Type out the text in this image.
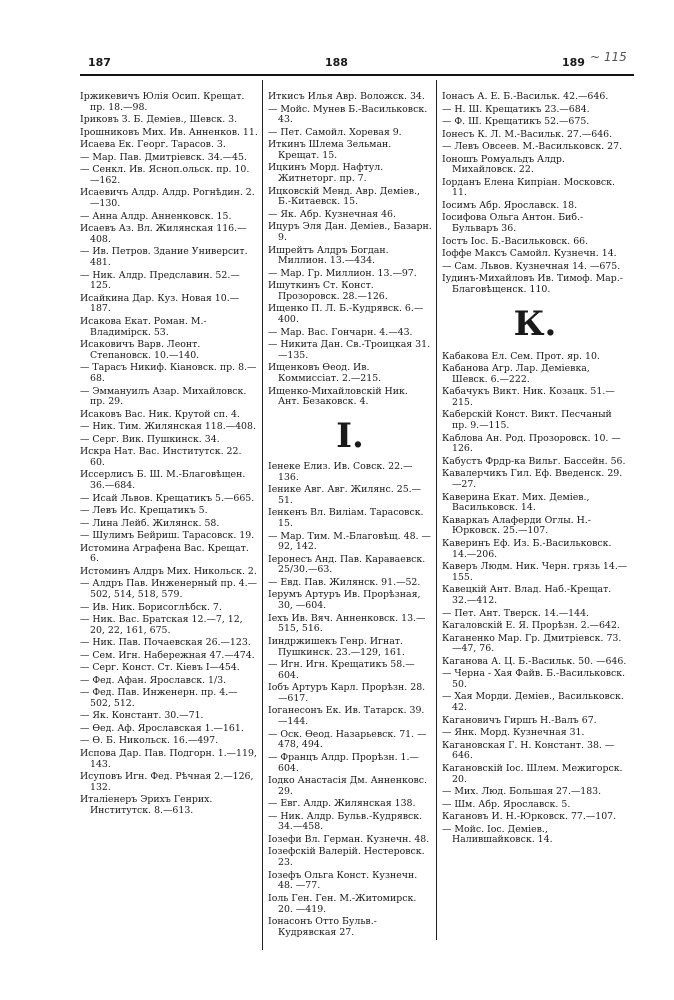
187	188	189 ~ 115
Iржикевичъ Юлiя Осип. Крещат. пр. 18.—98.
Iриковъ З. Б. Демiев., Шевск. 3.
Iрошниковъ Мих. Ив. Анненков. 11.
Исаева Ек. Георг. Тарасов. 3.
— Мар. Пав. Дмитрiевск. 34.—45.
— Сенкл. Ив. Ясноп.ольск. пр. 10.—162.
Исаевичъ Алдр. Алдр. Рогнѣдин. 2.—130.
— Анна Алдр. Анненковск. 15.
Исаевъ Аз. Вл. Жилянская 116.—408.
— Ив. Петров. Здание Университ. 481.
— Ник. Алдр. Предславин. 52.—125.
Исайкина Дар. Куз. Новая 10.—187.
Исакова Екат. Роман. М.-Владимiрск. 53.
Исаковичъ Варв. Леонт. Степановск. 10.—140.
— Тарасъ Никиф. Кiановск. пр. 8.—68.
— Эммануилъ Азар. Михайловск. пр. 29.
Исаковъ Вас. Ник. Крутой сп. 4.
— Ник. Тим. Жилянская 118.—408.
— Серг. Вик. Пушкинск. 34.
Искра Нат. Вас. Институтск. 22. 60.
Иссерлисъ Б. Ш. М.-Благовѣщен. 36.—684.
— Исай Львов. Крещатикъ 5.—665.
— Левъ Ис. Крещатикъ 5.
— Лина Лейб. Жилянск. 58.
— Шулимъ Бейриш. Тарасовск. 19.
Истомина Аграфена Вас. Крещат. 6.
Истоминъ Алдръ Мих. Никольск. 2.
— Алдръ Пав. Инженерный пр. 4.—502, 514, 518, 579.
— Ив. Ник. Борисоглѣбск. 7.
— Ник. Вас. Братская 12.—7, 12, 20, 22, 161, 675.
— Ник. Пав. Почаевская 26.—123.
— Сем. Игн. Набережная 47.—474.
— Серг. Конст. Ст. Кiевъ I—454.
— Фед. Афан. Ярославск. 1/3.
— Фед. Пав. Инженерн. пр. 4.—502, 512.
— Як. Констант. 30.—71.
— Ѳед. Аф. Ярославская 1.—161.
— Ѳ. Б. Никольск. 16.—497.
Испова Дар. Пав. Подгорн. 1.—119, 143.
Исуповъ Игн. Фед. Рѣчная 2.—126, 132.
Италiенеръ Эрихъ Генрих. Институтск. 8.—613.
Иткисъ Илья Авр. Воложск. 34.
— Мойс. Мунев Б.-Васильковск. 43.
— Пет. Самойл. Хоревая 9.
Иткинъ Шлема Зельман. Крещат. 15.
Ицкинъ Морд. Нафтул. Житнеторг. пр. 7.
Ицковскiй Менд. Авр. Демiев., Б.-Китаевск. 15.
— Як. Абр. Кузнечная 46.
Ицуръ Эля Дан. Демiев., Базарн. 9.
Ишрейтъ Алдръ Богдан. Миллион. 13.—434.
— Мар. Гр. Миллион. 13.—97.
Ишуткинъ Ст. Конст. Прозоровск. 28.—126.
Ищенко П. Л. Б.-Кудрявск. 6.—400.
— Мар. Вас. Гончарн. 4.—43.
— Никита Дан. Св.-Троицкая 31.—135.
Ищенковъ Ѳеод. Ив. Коммиссiат. 2.—215.
Ищенко-Михайловскiй Ник. Ант. Безаковск. 4.
I.
Iенеке Елиз. Ив. Совск. 22.—136.
Iенике Авг. Авг. Жилянс. 25.—51.
Iенкенъ Вл. Вилiам. Тарасовск. 15.
— Мар. Тим. М.-Благовѣщ. 48. —92, 142.
Iеронесъ Анд. Пав. Караваевск. 25/30.—63.
— Евд. Пав. Жилянск. 91.—52.
Iерумъ Артуръ Ив. Прорѣзная, 30, —604.
Iехъ Ив. Вяч. Анненковск. 13.—515, 516.
Iиндржишекъ Генр. Игнат. Пушкинск. 23.—129, 161.
— Игн. Игн. Крещатикъ 58.—604.
Iобъ Артуръ Карл. Прорѣзн. 28. —617.
Iоганесонъ Ек. Ив. Татарск. 39. —144.
— Оск. Ѳеод. Назарьевск. 71. —478, 494.
— Францъ Алдр. Прорѣзн. 1.—604.
Iодко Анастасiя Дм. Анненковс. 29.
— Евг. Алдр. Жилянская 138.
— Ник. Алдр. Бульв.-Кудрявск. 34.—458.
Iозефи Вл. Герман. Кузнечн. 48.
Iозефскiй Валерiй. Нестеровск. 23.
Iозефъ Ольга Конст. Кузнечн. 48. —77.
Iоль Ген. Ген. М.-Житомирск. 20. —419.
Iонасонъ Отто Бульв.-Кудрявская 27.
Iонасъ А. Е. Б.-Васильк. 42.—646.
— Н. Ш. Крещатикъ 23.—684.
— Ф. Ш. Крещатикъ 52.—675.
Iонесъ К. Л. М.-Васильк. 27.—646.
— Левъ Овсеев. М.-Васильковск. 27.
Iоношъ Ромуальдъ Алдр. Михайловск. 22.
Iорданъ Елена Кипрiан. Московск. 11.
Iосимъ Абр. Ярославск. 18.
Iосифова Ольга Антон. Биб.-Бульваръ 36.
Iостъ Iос. Б.-Васильковск. 66.
Iоффе Максъ Самойл. Кузнечн. 14.
— Сам. Львов. Кузнечная 14. —675.
Iудинъ-Михайловъ Ив. Тимоф. Мар.-Благовѣщенск. 110.
К.
Кабакова Ел. Сем. Прот. яр. 10.
Кабанова Агр. Лар. Демiевка, Шевск. 6.—222.
Кабачукъ Викт. Ник. Козацк. 51.—215.
Каберскiй Конст. Викт. Песчаный пр. 9.—115.
Каблова Ан. Род. Прозоровск. 10. —126.
Кабустъ Фрдр-ка Вильг. Бассейн. 56.
Кавалерчикъ Гил. Еф. Введенск. 29.—27.
Каверина Екат. Мих. Демiев., Васильковск. 14.
Каваркаъ Алаферди Оглы. Н.-Юрковск. 25.—107.
Каверинъ Еф. Из. Б.-Васильковск. 14.—206.
Каверъ Людм. Ник. Черн. грязь 14.—155.
Кавецкiй Ант. Влад. Наб.-Крещат. 32.—412.
— Пет. Ант. Тверск. 14.—144.
Кагаловскiй Е. Я. Прорѣзн. 2.—642.
Каганенко Мар. Гр. Дмитрiевск. 73.—47, 76.
Каганова А. Ц. Б.-Васильк. 50. —646.
— Черна - Хая Файв. Б.-Васильковск. 50.
— Хая Морди. Демiев., Васильковск. 42.
Кагановичъ Гиршъ Н.-Валъ 67.
— Янк. Морд. Кузнечная 31.
Кагановская Г. Н. Констант. 38. —646.
Кагановскiй Iос. Шлем. Межигорск. 20.
— Мих. Люд. Большая 27.—183.
— Шм. Абр. Ярославск. 5.
Кагановъ И. Н.-Юрковск. 77.—107.
— Мойс. Iос. Демiев., Налившайковск. 14.
